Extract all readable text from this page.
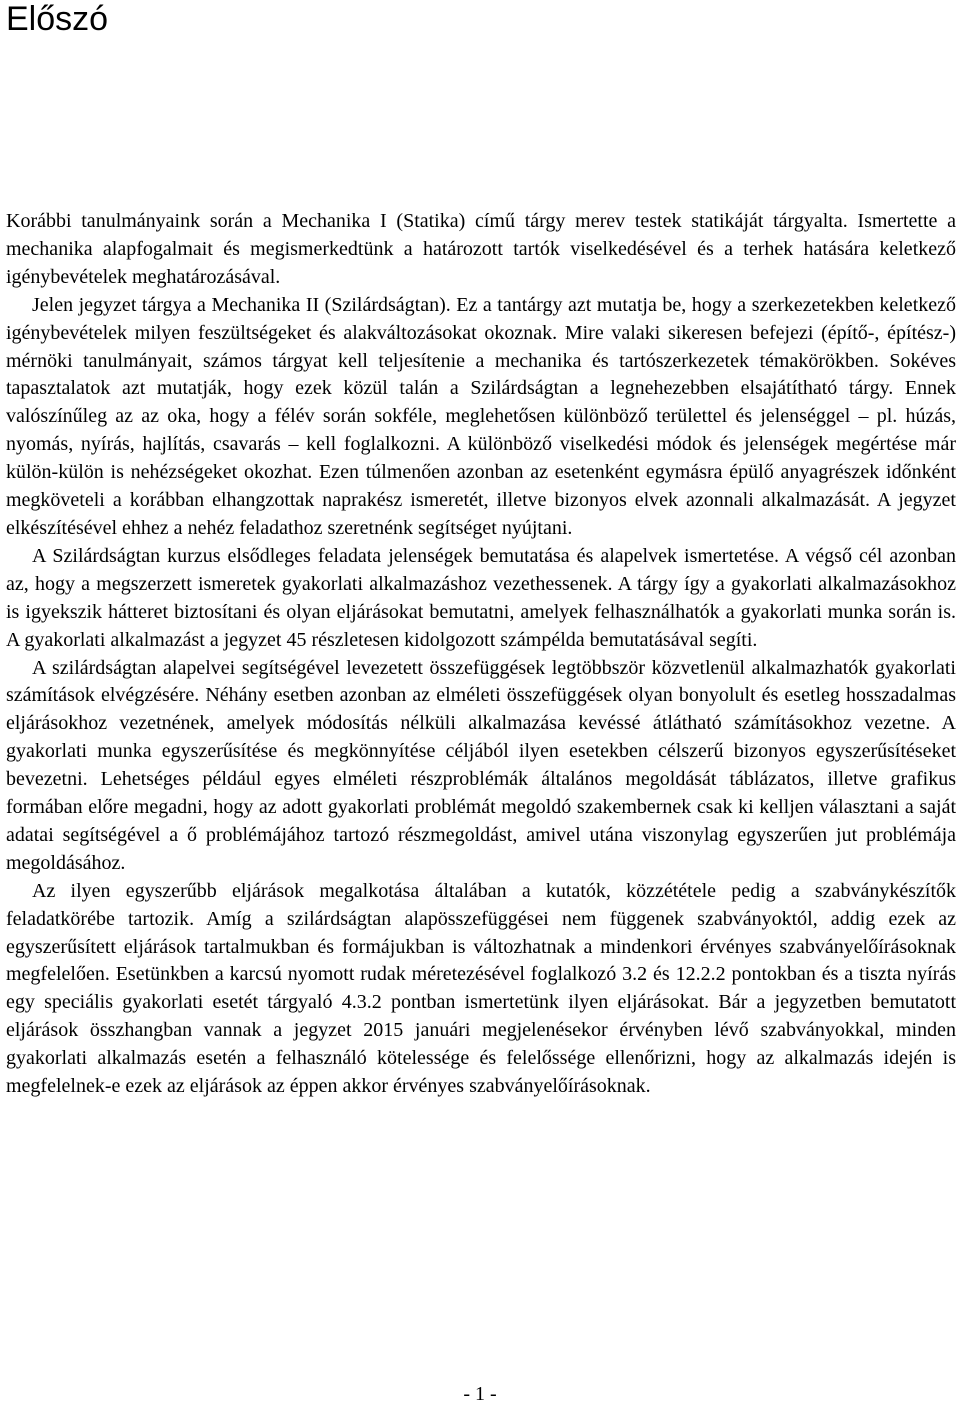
Előszó

Korábbi tanulmányaink során a Mechanika I (Statika) című tárgy merev testek statikáját tárgyalta. Ismertette a mechanika alapfogalmait és megismerkedtünk a határozott tartók viselkedésével és a terhek hatására keletkező igénybevételek meghatározásával.

Jelen jegyzet tárgya a Mechanika II (Szilárdságtan). Ez a tantárgy azt mutatja be, hogy a szerkezetekben keletkező igénybevételek milyen feszültségeket és alakváltozásokat okoznak. Mire valaki sikeresen befejezi (építő-, építész-) mérnöki tanulmányait, számos tárgyat kell teljesítenie a mechanika és tartószerkezetek témakörökben. Sokéves tapasztalatok azt mutatják, hogy ezek közül talán a Szilárdságtan a legnehezebben elsajátítható tárgy. Ennek valószínűleg az az oka, hogy a félév során sokféle, meglehetősen különböző területtel és jelenséggel – pl. húzás, nyomás, nyírás, hajlítás, csavarás – kell foglalkozni. A különböző viselkedési módok és jelenségek megértése már külön-külön is nehézségeket okozhat. Ezen túlmenően azonban az esetenként egymásra épülő anyagrészek időnként megköveteli a korábban elhangzottak naprakész ismeretét, illetve bizonyos elvek azonnali alkalmazását. A jegyzet elkészítésével ehhez a nehéz feladathoz szeretnénk segítséget nyújtani.

A Szilárdságtan kurzus elsődleges feladata jelenségek bemutatása és alapelvek ismertetése. A végső cél azonban az, hogy a megszerzett ismeretek gyakorlati alkalmazáshoz vezethessenek. A tárgy így a gyakorlati alkalmazásokhoz is igyekszik hátteret biztosítani és olyan eljárásokat bemutatni, amelyek felhasználhatók a gyakorlati munka során is. A gyakorlati alkalmazást a jegyzet 45 részletesen kidolgozott számpélda bemutatásával segíti.

A szilárdságtan alapelvei segítségével levezetett összefüggések legtöbbször közvetlenül alkalmazhatók gyakorlati számítások elvégzésére. Néhány esetben azonban az elméleti összefüggések olyan bonyolult és esetleg hosszadalmas eljárásokhoz vezetnének, amelyek módosítás nélküli alkalmazása kevéssé átlátható számításokhoz vezetne. A gyakorlati munka egyszerűsítése és megkönnyítése céljából ilyen esetekben célszerű bizonyos egyszerűsítéseket bevezetni. Lehetséges például egyes elméleti részproblémák általános megoldását táblázatos, illetve grafikus formában előre megadni, hogy az adott gyakorlati problémát megoldó szakembernek csak ki kelljen választani a saját adatai segítségével a ő problémájához tartozó részmegoldást, amivel utána viszonylag egyszerűen jut problémája megoldásához.

Az ilyen egyszerűbb eljárások megalkotása általában a kutatók, közzététele pedig a szabványkészítők feladatkörébe tartozik. Amíg a szilárdságtan alapösszefüggései nem függenek szabványoktól, addig ezek az egyszerűsített eljárások tartalmukban és formájukban is változhatnak a mindenkori érvényes szabványelőírásoknak megfelelően. Esetünkben a karcsú nyomott rudak méretezésével foglalkozó 3.2 és 12.2.2 pontokban és a tiszta nyírás egy speciális gyakorlati esetét tárgyaló 4.3.2 pontban ismertetünk ilyen eljárásokat. Bár a jegyzetben bemutatott eljárások összhangban vannak a jegyzet 2015 januári megjelenésekor érvényben lévő szabványokkal, minden gyakorlati alkalmazás esetén a felhasználó kötelessége és felelőssége ellenőrizni, hogy az alkalmazás idején is megfelelnek-e ezek az eljárások az éppen akkor érvényes szabványelőírásoknak.

- 1 -
